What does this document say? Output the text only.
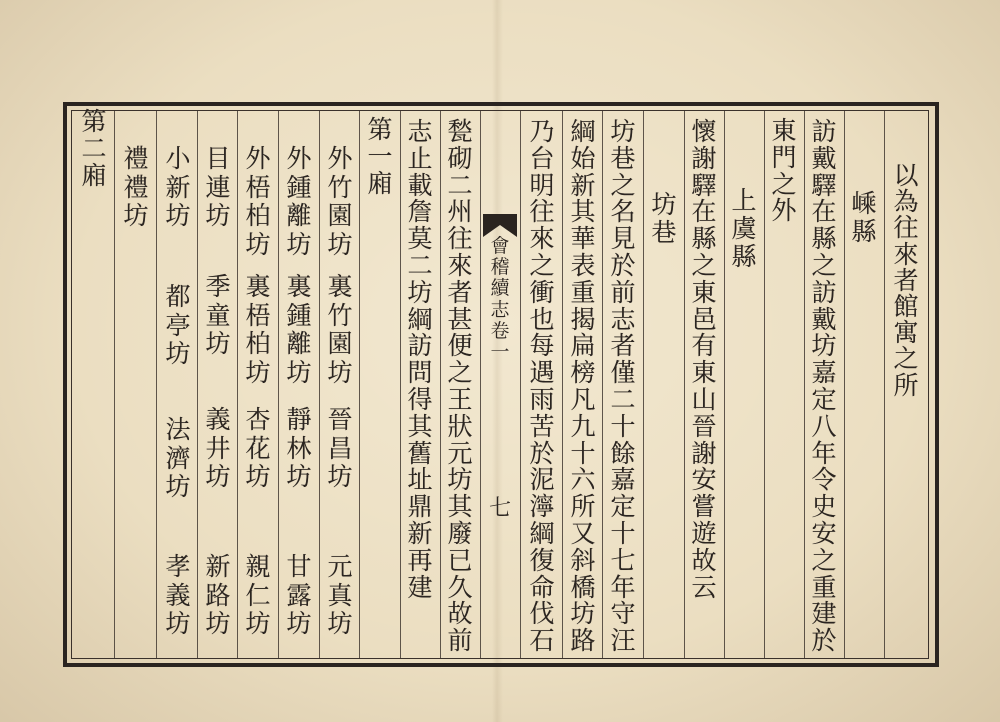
以為往來者館寓之所
嵊縣
訪戴驛在縣之訪戴坊嘉定八年令史安之重建於
東門之外
上虞縣
懷謝驛在縣之東邑有東山晉謝安嘗遊故云
坊巷
坊巷之名見於前志者僅二十餘嘉定十七年守汪
綱始新其華表重揭扁榜凡九十六所又斜橋坊路
乃台明往來之衝也每遇雨苦於泥濘綱復命伐石
會稽續志卷一
七
甃砌二州往來者甚便之王狀元坊其廢已久故前
志止載詹莫二坊綱訪問得其舊址鼎新再建
第一廂
外竹園坊
裏竹園坊
晉昌坊
元真坊
外鍾離坊
裏鍾離坊
靜林坊
甘露坊
外梧柏坊
裏梧柏坊
杏花坊
親仁坊
目連坊
季童坊
義井坊
新路坊
小新坊
都亭坊
法濟坊
孝義坊
禮禮坊
第二廂
